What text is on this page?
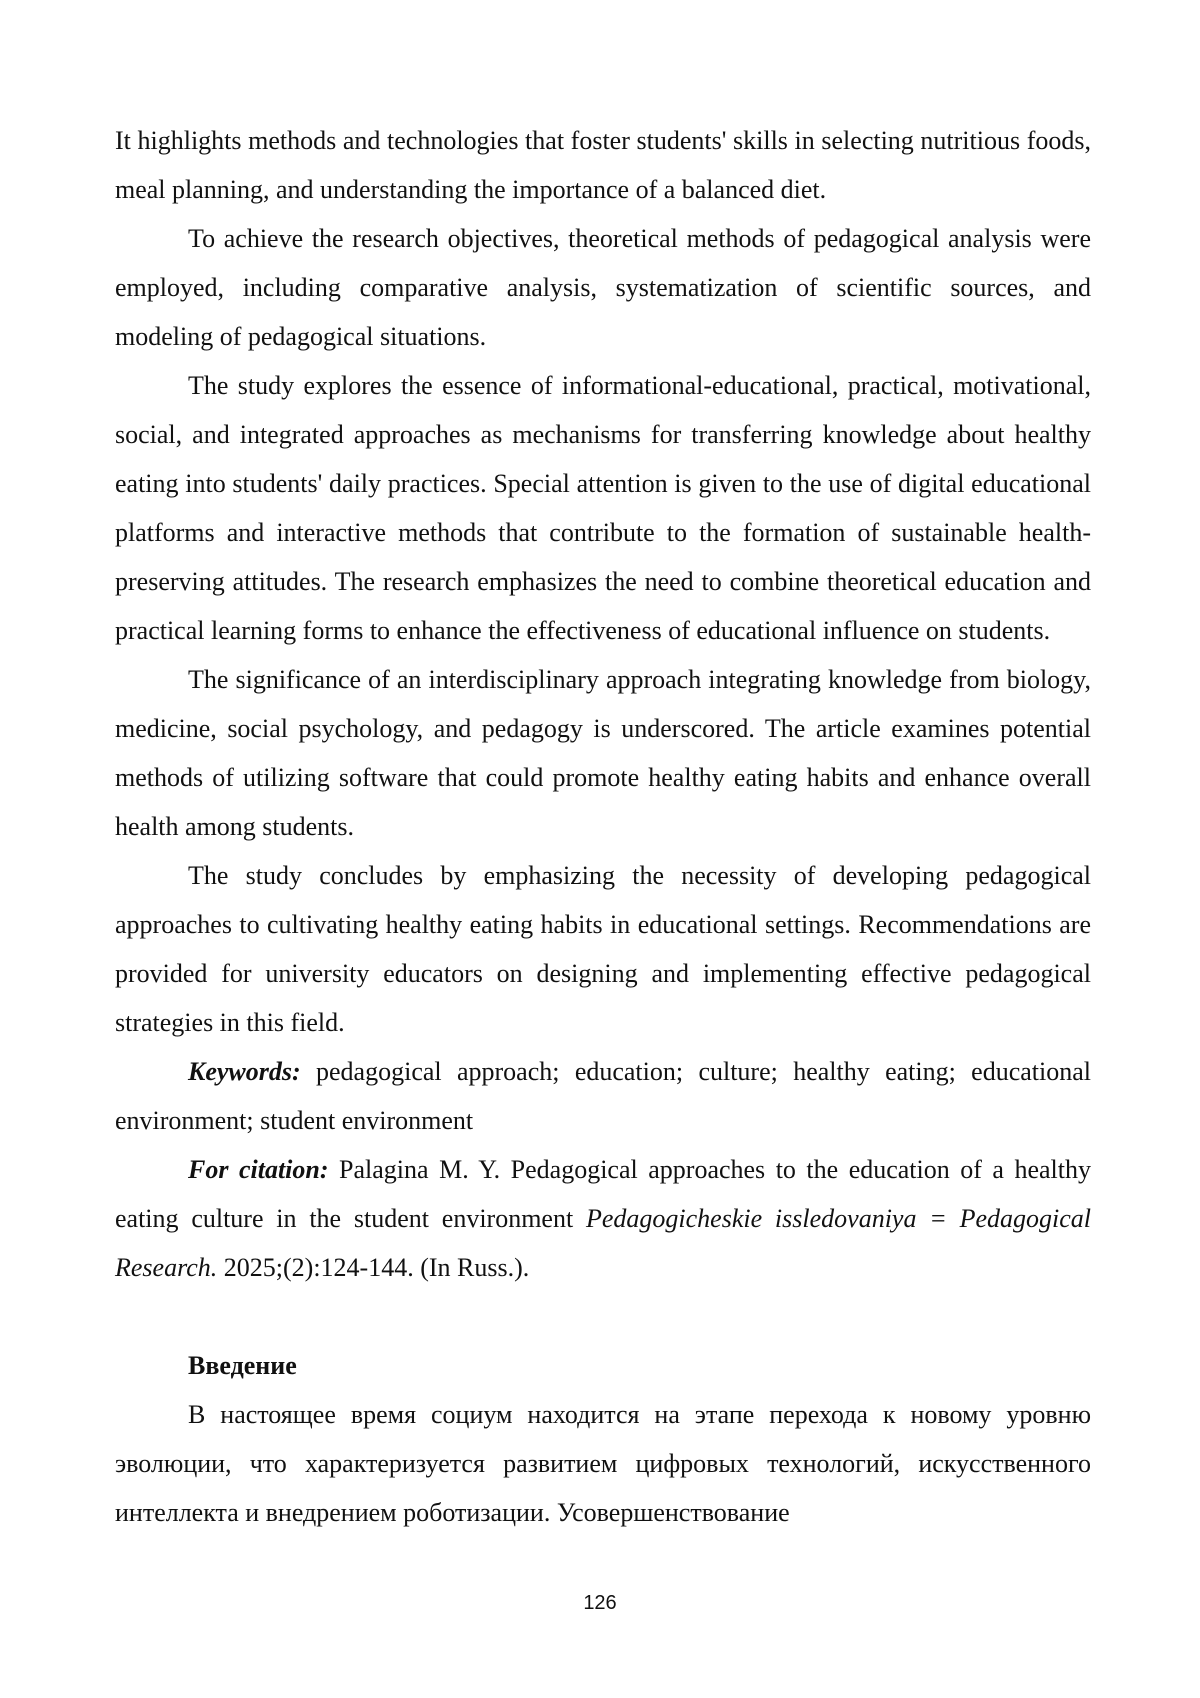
It highlights methods and technologies that foster students' skills in selecting nutritious foods, meal planning, and understanding the importance of a balanced diet.

To achieve the research objectives, theoretical methods of pedagogical analysis were employed, including comparative analysis, systematization of scientific sources, and modeling of pedagogical situations.

The study explores the essence of informational-educational, practical, motivational, social, and integrated approaches as mechanisms for transferring knowledge about healthy eating into students' daily practices. Special attention is given to the use of digital educational platforms and interactive methods that contribute to the formation of sustainable health-preserving attitudes. The research emphasizes the need to combine theoretical education and practical learning forms to enhance the effectiveness of educational influence on students.

The significance of an interdisciplinary approach integrating knowledge from biology, medicine, social psychology, and pedagogy is underscored. The article examines potential methods of utilizing software that could promote healthy eating habits and enhance overall health among students.

The study concludes by emphasizing the necessity of developing pedagogical approaches to cultivating healthy eating habits in educational settings. Recommendations are provided for university educators on designing and implementing effective pedagogical strategies in this field.

Keywords: pedagogical approach; education; culture; healthy eating; educational environment; student environment

For citation: Palagina M. Y. Pedagogical approaches to the education of a healthy eating culture in the student environment Pedagogicheskie issledovaniya = Pedagogical Research. 2025;(2):124-144. (In Russ.).

Введение

В настоящее время социум находится на этапе перехода к новому уровню эволюции, что характеризуется развитием цифровых технологий, искусственного интеллекта и внедрением роботизации. Усовершенствование

126
